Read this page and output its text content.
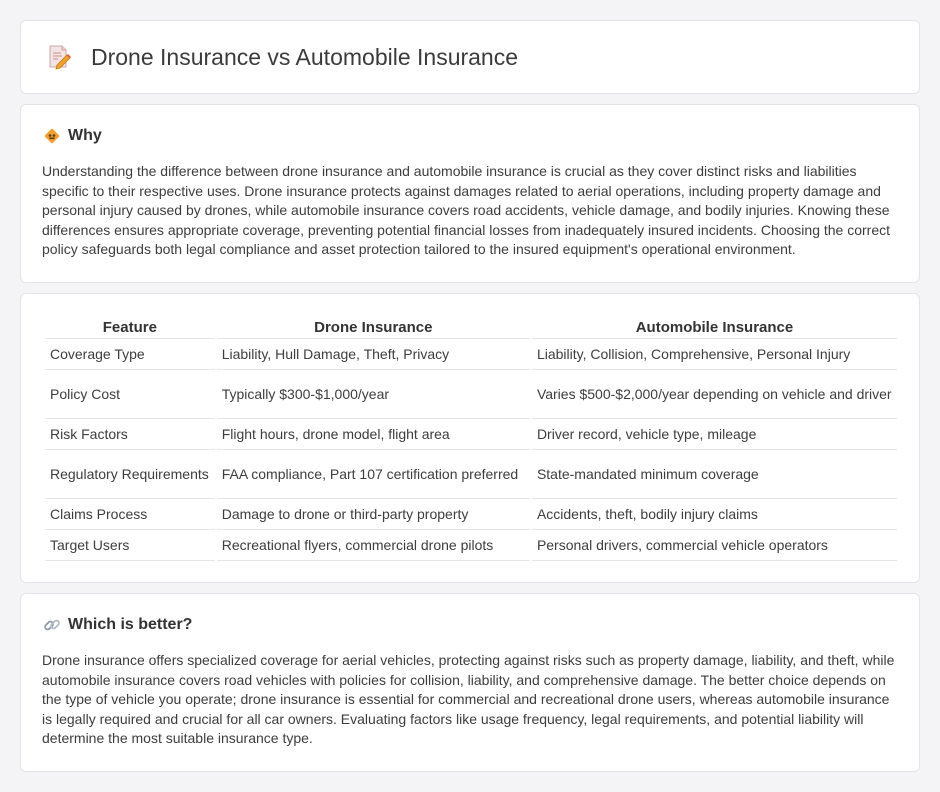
Drone Insurance vs Automobile Insurance
Why

Understanding the difference between drone insurance and automobile insurance is crucial as they cover distinct risks and liabilities specific to their respective uses. Drone insurance protects against damages related to aerial operations, including property damage and personal injury caused by drones, while automobile insurance covers road accidents, vehicle damage, and bodily injuries. Knowing these differences ensures appropriate coverage, preventing potential financial losses from inadequately insured incidents. Choosing the correct policy safeguards both legal compliance and asset protection tailored to the insured equipment's operational environment.

Feature	Drone Insurance	Automobile Insurance
Coverage Type	Liability, Hull Damage, Theft, Privacy	Liability, Collision, Comprehensive, Personal Injury
Policy Cost	Typically $300-$1,000/year	Varies $500-$2,000/year depending on vehicle and driver
Risk Factors	Flight hours, drone model, flight area	Driver record, vehicle type, mileage
Regulatory Requirements	FAA compliance, Part 107 certification preferred	State-mandated minimum coverage
Claims Process	Damage to drone or third-party property	Accidents, theft, bodily injury claims
Target Users	Recreational flyers, commercial drone pilots	Personal drivers, commercial vehicle operators
Which is better?

Drone insurance offers specialized coverage for aerial vehicles, protecting against risks such as property damage, liability, and theft, while automobile insurance covers road vehicles with policies for collision, liability, and comprehensive damage. The better choice depends on the type of vehicle you operate; drone insurance is essential for commercial and recreational drone users, whereas automobile insurance is legally required and crucial for all car owners. Evaluating factors like usage frequency, legal requirements, and potential liability will determine the most suitable insurance type.
